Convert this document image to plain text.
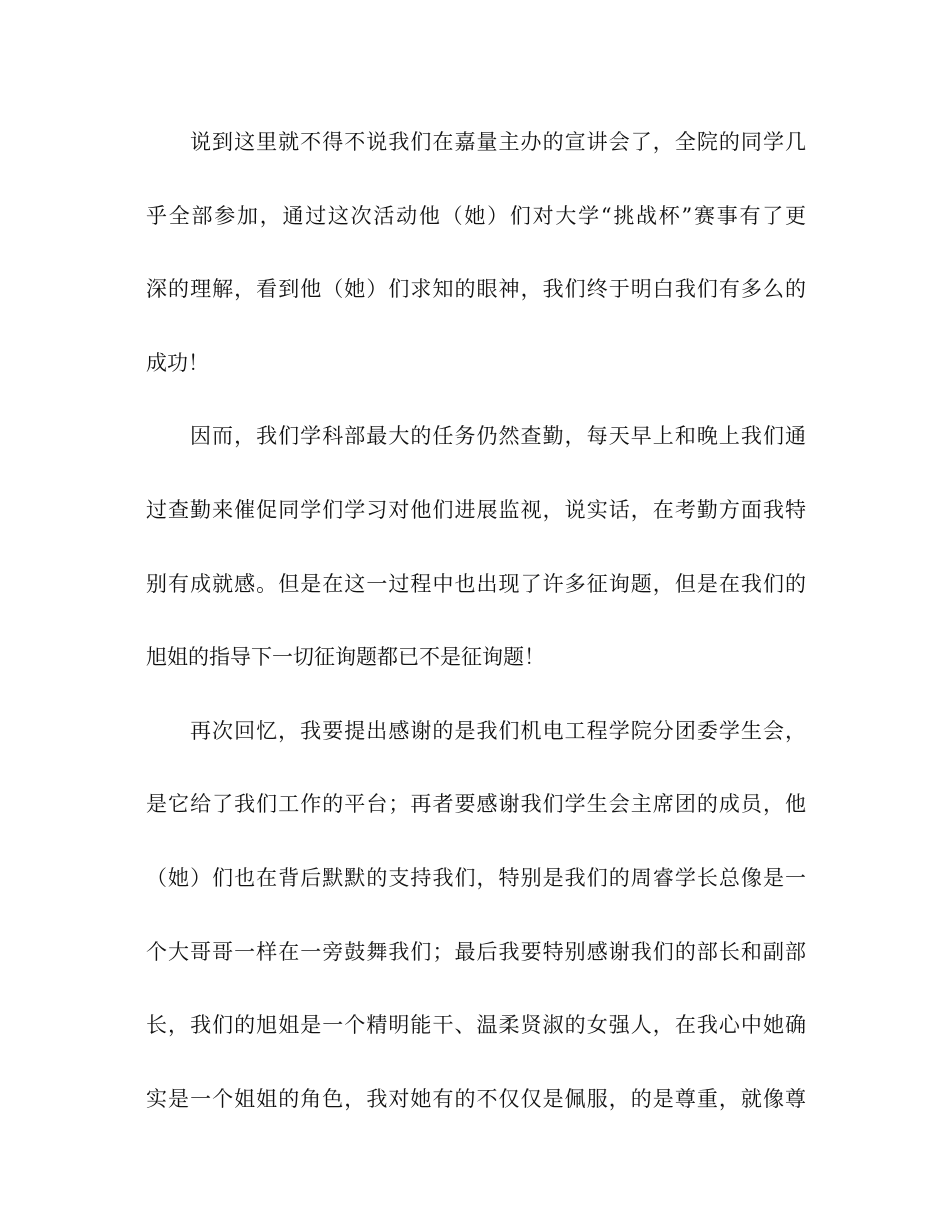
说到这里就不得不说我们在嘉量主办的宣讲会了，全院的同学几
乎全部参加，通过这次活动他（她）们对大学“挑战杯”赛事有了更
深的理解，看到他（她）们求知的眼神，我们终于明白我们有多么的
成功！
因而，我们学科部最大的任务仍然查勤，每天早上和晚上我们通
过查勤来催促同学们学习对他们进展监视，说实话，在考勤方面我特
别有成就感。但是在这一过程中也出现了许多征询题，但是在我们的
旭姐的指导下一切征询题都已不是征询题！
再次回忆，我要提出感谢的是我们机电工程学院分团委学生会，
是它给了我们工作的平台；再者要感谢我们学生会主席团的成员，他
（她）们也在背后默默的支持我们，特别是我们的周睿学长总像是一
个大哥哥一样在一旁鼓舞我们；最后我要特别感谢我们的部长和副部
长，我们的旭姐是一个精明能干、温柔贤淑的女强人，在我心中她确
实是一个姐姐的角色，我对她有的不仅仅是佩服，的是尊重，就像尊
